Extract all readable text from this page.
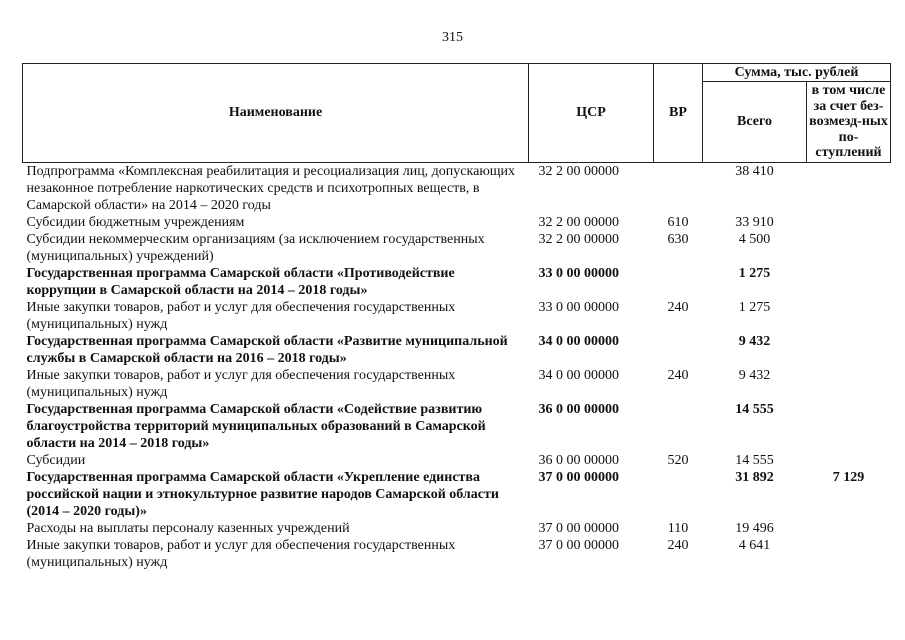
315
Наименование	ЦСР	ВР	Сумма, тыс. рублей	
			Всего	в том числе за счет без-возмезд-ных по-ступлений
Подпрограмма «Комплексная реабилитация и ресоциализация лиц, допускающих незаконное потребление наркотических средств и психотропных веществ, в Самарской области» на 2014 – 2020 годы	32 2 00 00000		38 410	
Субсидии бюджетным учреждениям	32 2 00 00000	610	33 910	
Субсидии некоммерческим организациям (за исключением государственных (муниципальных) учреждений)	32 2 00 00000	630	4 500	
Государственная программа Самарской области «Противодействие коррупции в Самарской области на 2014 – 2018 годы»	33 0 00 00000		1 275	
Иные закупки товаров, работ и услуг для обеспечения государственных (муниципальных) нужд	33 0 00 00000	240	1 275	
Государственная программа Самарской области «Развитие муниципальной службы в Самарской области на 2016 – 2018 годы»	34 0 00 00000		9 432	
Иные закупки товаров, работ и услуг для обеспечения государственных (муниципальных) нужд	34 0 00 00000	240	9 432	
Государственная программа Самарской области «Содействие развитию благоустройства территорий муниципальных образований в Самарской области на 2014 – 2018 годы»	36 0 00 00000		14 555	
Субсидии	36 0 00 00000	520	14 555	
Государственная программа Самарской области «Укрепление единства российской нации и этнокультурное развитие народов Самарской области (2014 – 2020 годы)»	37 0 00 00000		31 892	7 129
Расходы на выплаты персоналу казенных учреждений	37 0 00 00000	110	19 496	
Иные закупки товаров, работ и услуг для обеспечения государственных (муниципальных) нужд	37 0 00 00000	240	4 641	
